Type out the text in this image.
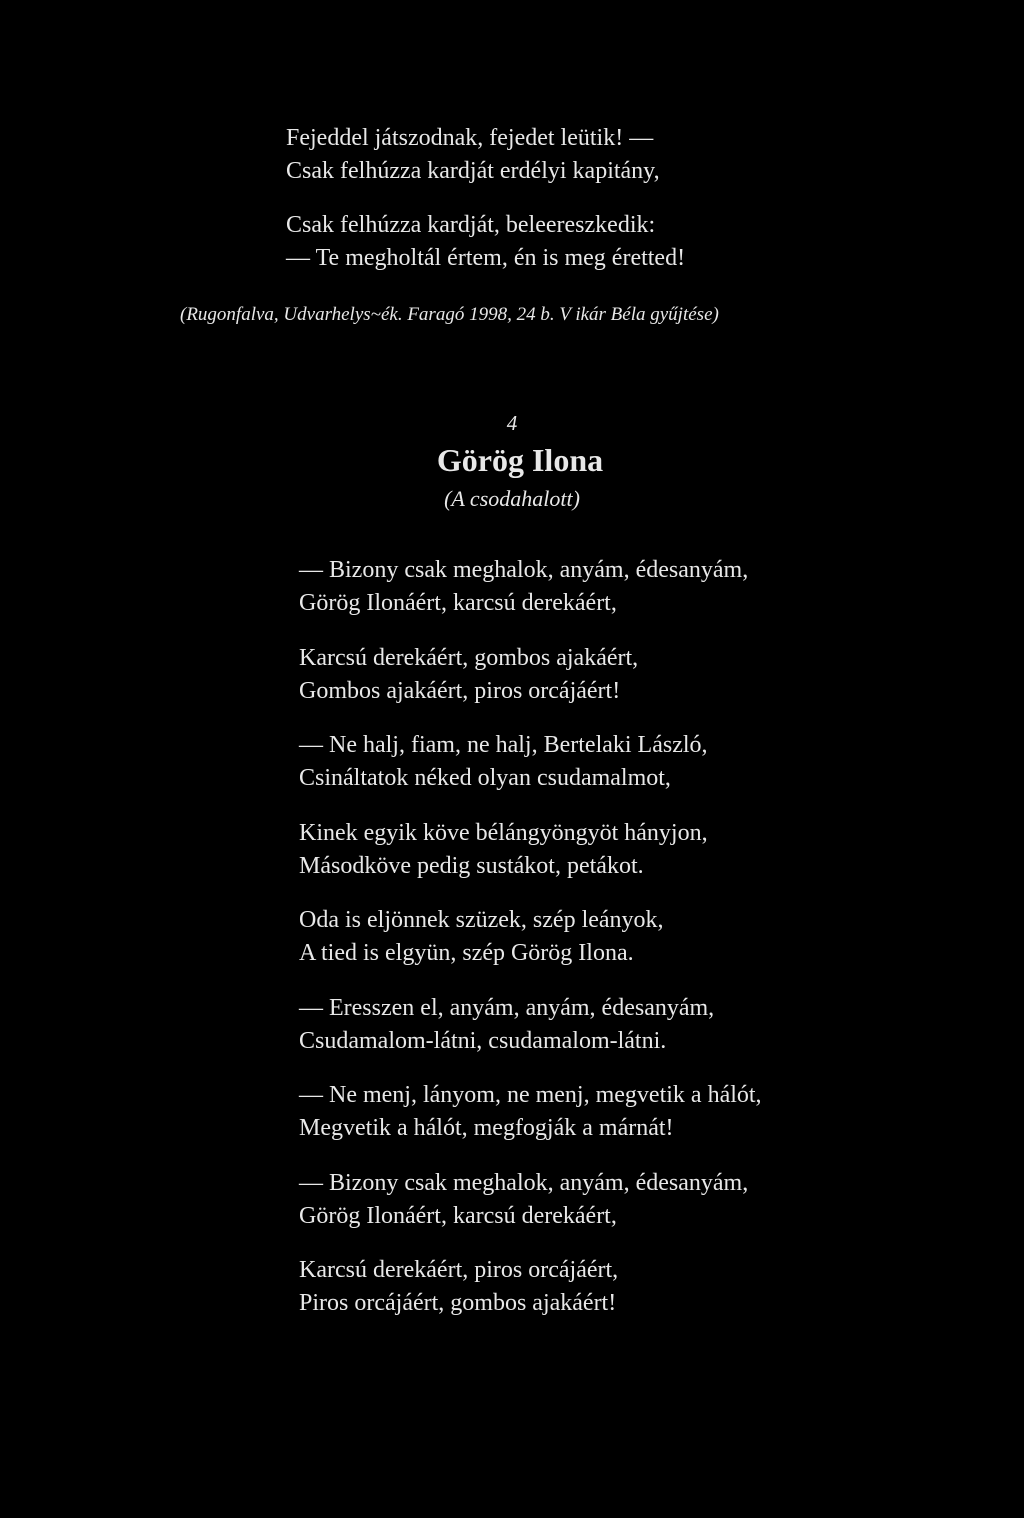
Fejeddel játszodnak, fejedet leütik! —
Csak felhúzza kardját erdélyi kapitány,
Csak felhúzza kardját, beleereszkedik:
— Te megholtál értem, én is meg éretted!
(Rugonfalva, Udvarhelys~ék. Faragó 1998, 24 b. V ikár Béla gyűjtése)
4
Görög Ilona
(A csodahalott)
— Bizony csak meghalok, anyám, édesanyám,
Görög Ilonáért, karcsú derekáért,
Karcsú derekáért, gombos ajakáért,
Gombos ajakáért, piros orcájáért!
— Ne halj, fiam, ne halj, Bertelaki László,
Csináltatok néked olyan csudamalmot,
Kinek egyik köve bélángyöngyöt hányjon,
Másodköve pedig sustákot, petákot.
Oda is eljönnek szüzek, szép leányok,
A tied is elgyün, szép Görög Ilona.
— Eresszen el, anyám, anyám, édesanyám,
Csudamalom-látni, csudamalom-látni.
— Ne menj, lányom, ne menj, megvetik a hálót,
Megvetik a hálót, megfogják a márnát!
— Bizony csak meghalok, anyám, édesanyám,
Görög Ilonáért, karcsú derekáért,
Karcsú derekáért, piros orcájáért,
Piros orcájáért, gombos ajakáért!
